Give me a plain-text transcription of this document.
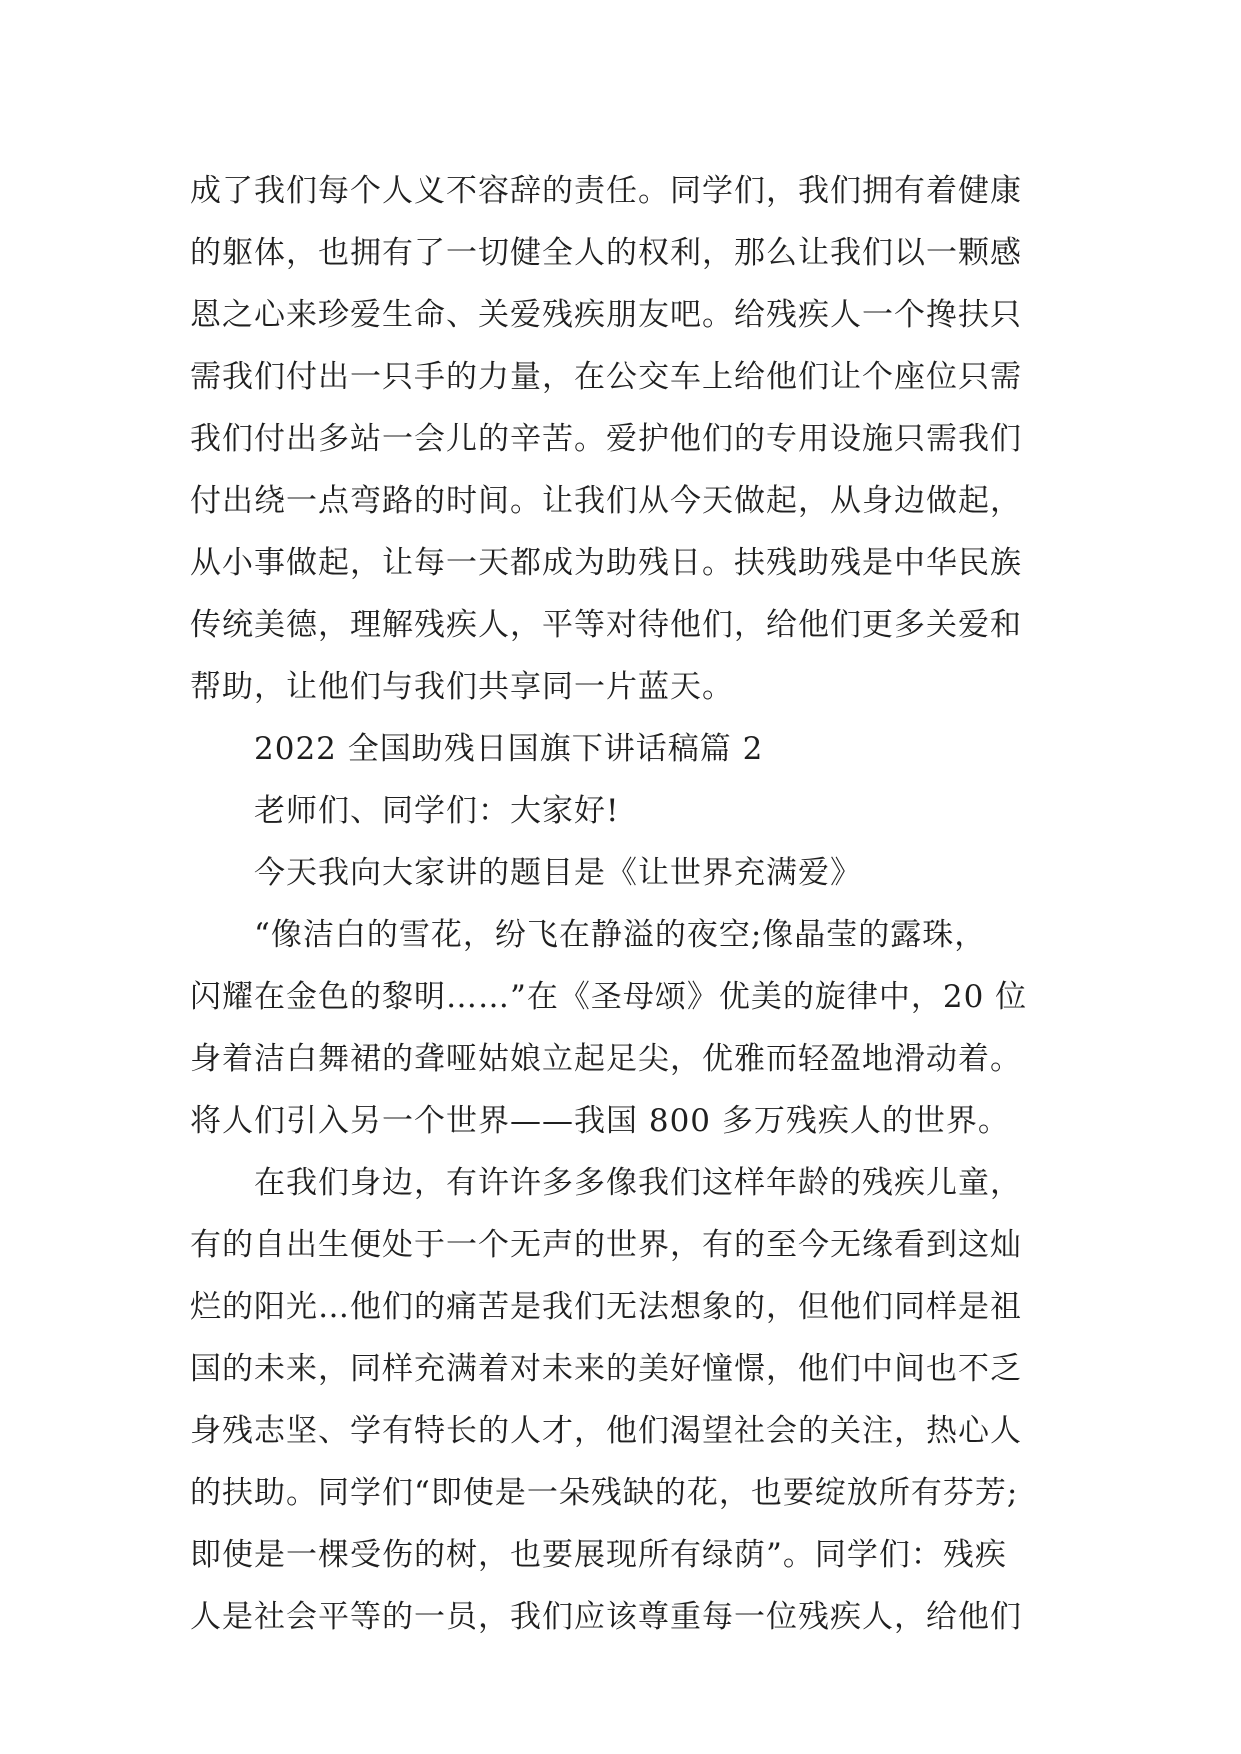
成了我们每个人义不容辞的责任。同学们，我们拥有着健康
的躯体，也拥有了一切健全人的权利，那么让我们以一颗感
恩之心来珍爱生命、关爱残疾朋友吧。给残疾人一个搀扶只
需我们付出一只手的力量，在公交车上给他们让个座位只需
我们付出多站一会儿的辛苦。爱护他们的专用设施只需我们
付出绕一点弯路的时间。让我们从今天做起，从身边做起，
从小事做起，让每一天都成为助残日。扶残助残是中华民族
传统美德，理解残疾人，平等对待他们，给他们更多关爱和
帮助，让他们与我们共享同一片蓝天。
2022 全国助残日国旗下讲话稿篇 2
老师们、同学们：大家好!
今天我向大家讲的题目是《让世界充满爱》
“像洁白的雪花，纷飞在静溢的夜空;像晶莹的露珠，
闪耀在金色的黎明……”在《圣母颂》优美的旋律中，20 位
身着洁白舞裙的聋哑姑娘立起足尖，优雅而轻盈地滑动着。
将人们引入另一个世界——我国 800 多万残疾人的世界。
在我们身边，有许许多多像我们这样年龄的残疾儿童，
有的自出生便处于一个无声的世界，有的至今无缘看到这灿
烂的阳光…他们的痛苦是我们无法想象的，但他们同样是祖
国的未来，同样充满着对未来的美好憧憬，他们中间也不乏
身残志坚、学有特长的人才，他们渴望社会的关注，热心人
的扶助。同学们“即使是一朵残缺的花，也要绽放所有芬芳;
即使是一棵受伤的树，也要展现所有绿荫”。同学们：残疾
人是社会平等的一员，我们应该尊重每一位残疾人，给他们
